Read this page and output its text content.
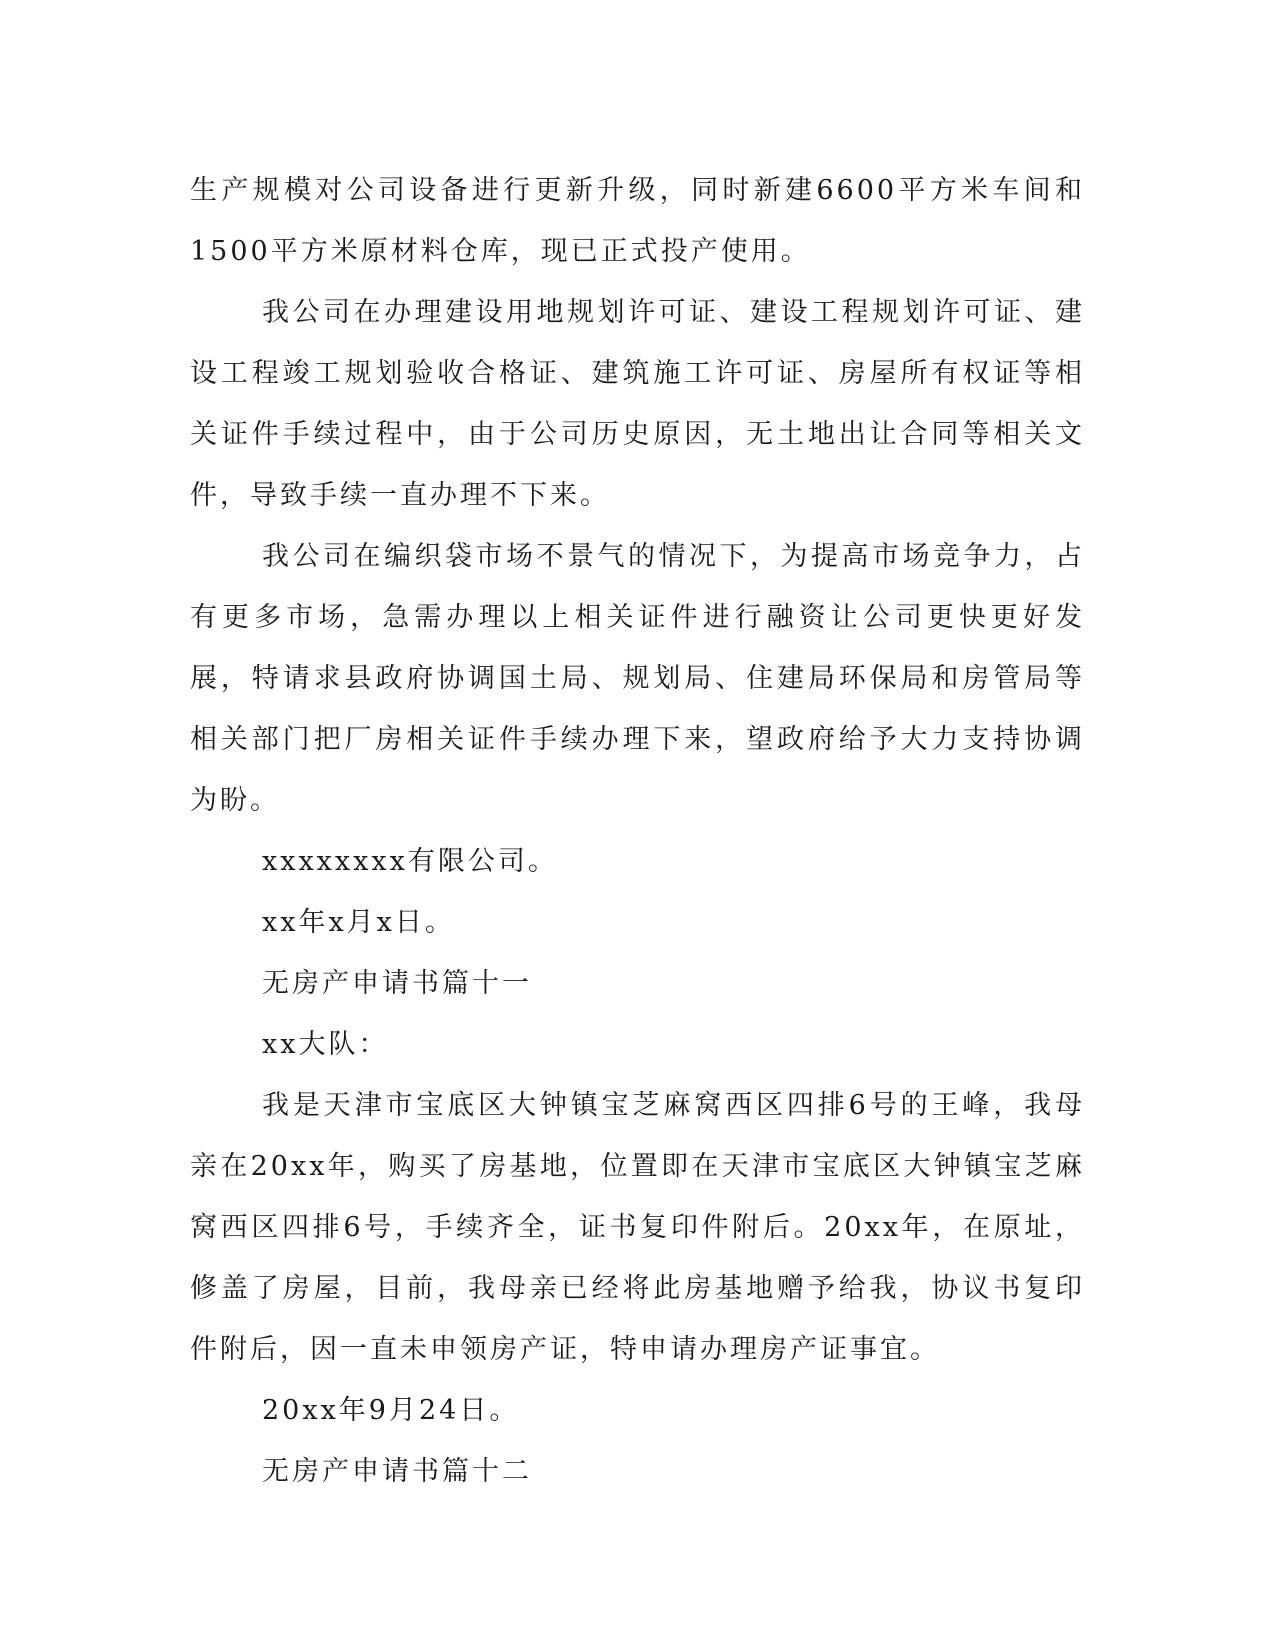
生产规模对公司设备进行更新升级，同时新建6600平方米车间和1500平方米原材料仓库，现已正式投产使用。

我公司在办理建设用地规划许可证、建设工程规划许可证、建设工程竣工规划验收合格证、建筑施工许可证、房屋所有权证等相关证件手续过程中，由于公司历史原因，无土地出让合同等相关文件，导致手续一直办理不下来。

我公司在编织袋市场不景气的情况下，为提高市场竞争力，占有更多市场，急需办理以上相关证件进行融资让公司更快更好发展，特请求县政府协调国土局、规划局、住建局环保局和房管局等相关部门把厂房相关证件手续办理下来，望政府给予大力支持协调为盼。

xxxxxxxx有限公司。

xx年x月x日。

无房产申请书篇十一

xx大队：

我是天津市宝底区大钟镇宝芝麻窝西区四排6号的王峰，我母亲在20xx年，购买了房基地，位置即在天津市宝底区大钟镇宝芝麻窝西区四排6号，手续齐全，证书复印件附后。20xx年，在原址，修盖了房屋，目前，我母亲已经将此房基地赠予给我，协议书复印件附后，因一直未申领房产证，特申请办理房产证事宜。

20xx年9月24日。

无房产申请书篇十二
